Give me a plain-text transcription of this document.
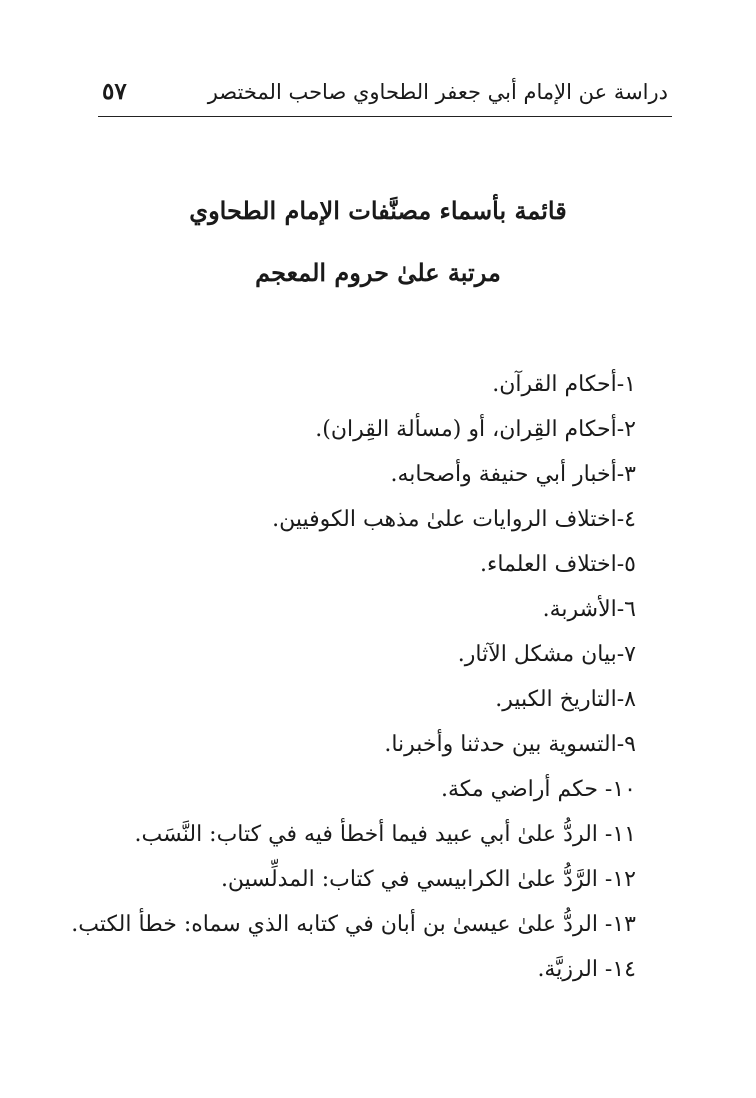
دراسة عن الإمام أبي جعفر الطحاوي صاحب المختصر
٥٧
قائمة بأسماء مصنَّفات الإمام الطحاوي
مرتبة علىٰ حروم المعجم
١-أحكام القرآن.
٢-أحكام القِران، أو (مسألة القِران).
٣-أخبار أبي حنيفة وأصحابه.
٤-اختلاف الروايات علىٰ مذهب الكوفيين.
٥-اختلاف العلماء.
٦-الأشربة.
٧-بيان مشكل الآثار.
٨-التاريخ الكبير.
٩-التسوية بين حدثنا وأخبرنا.
١٠- حكم أراضي مكة.
١١- الردُّ علىٰ أبي عبيد فيما أخطأ فيه في كتاب: النَّسَب.
١٢- الرَّدُّ علىٰ الكرابيسي في كتاب: المدلِّسين.
١٣- الردُّ علىٰ عيسىٰ بن أبان في كتابه الذي سماه: خطأ الكتب.
١٤- الرزيَّة.
